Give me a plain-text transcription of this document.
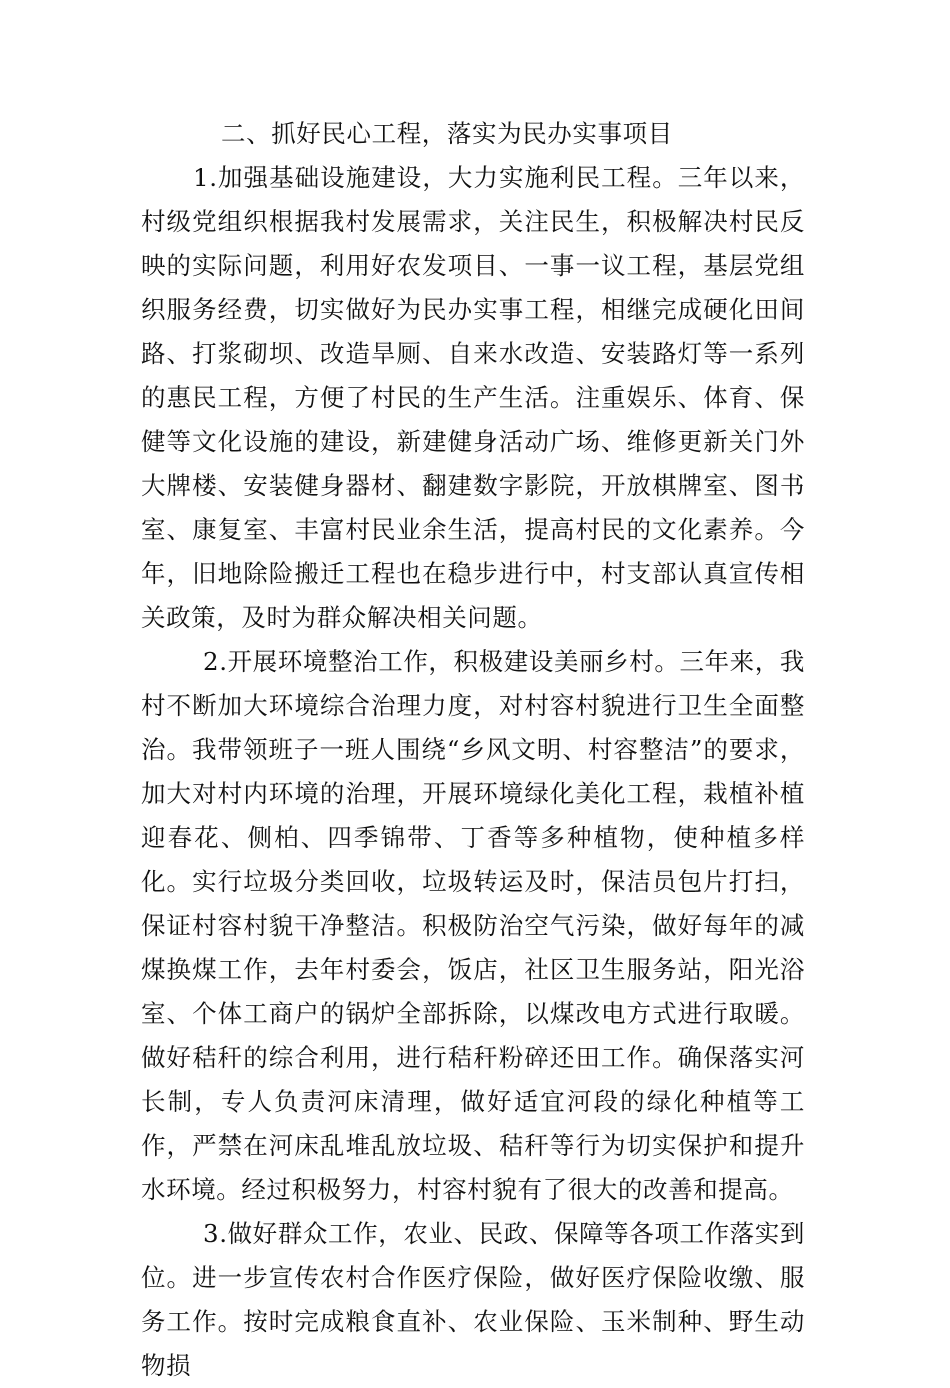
二、抓好民心工程，落实为民办实事项目

1.加强基础设施建设，大力实施利民工程。三年以来，村级党组织根据我村发展需求，关注民生，积极解决村民反映的实际问题，利用好农发项目、一事一议工程，基层党组织服务经费，切实做好为民办实事工程，相继完成硬化田间路、打浆砌坝、改造旱厕、自来水改造、安装路灯等一系列的惠民工程，方便了村民的生产生活。注重娱乐、体育、保健等文化设施的建设，新建健身活动广场、维修更新关门外大牌楼、安装健身器材、翻建数字影院，开放棋牌室、图书室、康复室、丰富村民业余生活，提高村民的文化素养。今年，旧地除险搬迁工程也在稳步进行中，村支部认真宣传相关政策，及时为群众解决相关问题。

2.开展环境整治工作，积极建设美丽乡村。三年来，我村不断加大环境综合治理力度，对村容村貌进行卫生全面整治。我带领班子一班人围绕“乡风文明、村容整洁”的要求，加大对村内环境的治理，开展环境绿化美化工程，栽植补植迎春花、侧柏、四季锦带、丁香等多种植物，使种植多样化。实行垃圾分类回收，垃圾转运及时，保洁员包片打扫，保证村容村貌干净整洁。积极防治空气污染，做好每年的减煤换煤工作，去年村委会，饭店，社区卫生服务站，阳光浴室、个体工商户的锅炉全部拆除，以煤改电方式进行取暖。做好秸秆的综合利用，进行秸秆粉碎还田工作。确保落实河长制，专人负责河床清理，做好适宜河段的绿化种植等工作，严禁在河床乱堆乱放垃圾、秸秆等行为切实保护和提升水环境。经过积极努力，村容村貌有了很大的改善和提高。

3.做好群众工作，农业、民政、保障等各项工作落实到位。进一步宣传农村合作医疗保险，做好医疗保险收缴、服务工作。按时完成粮食直补、农业保险、玉米制种、野生动物损
